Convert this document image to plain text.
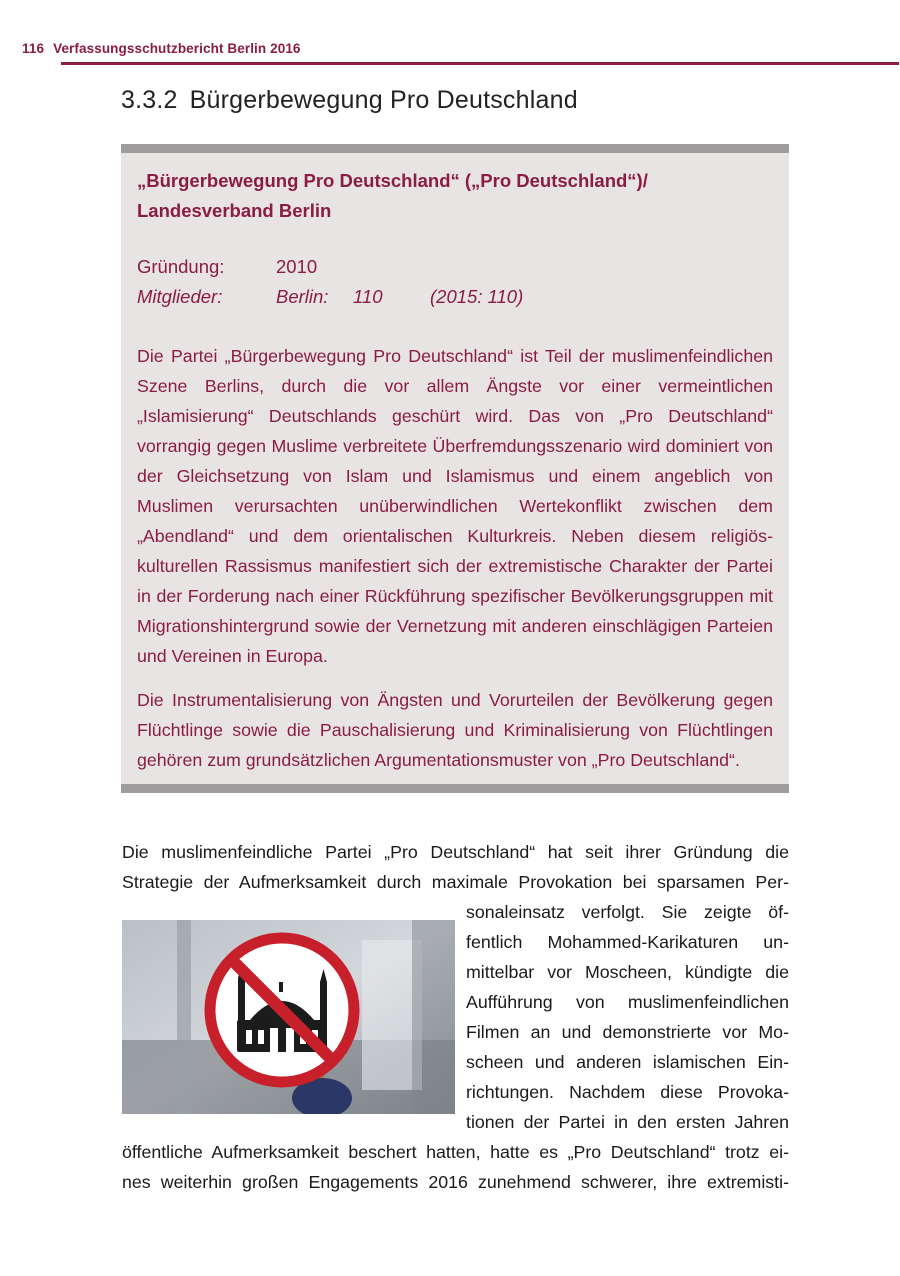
116 Verfassungsschutzbericht Berlin 2016
3.3.2 Bürgerbewegung Pro Deutschland
„Bürgerbewegung Pro Deutschland“ („Pro Deutschland“)/
Landesverband Berlin
Gründung:	2010
Mitglieder:	Berlin: 110	(2015: 110)
Die Partei „Bürgerbewegung Pro Deutschland“ ist Teil der muslimenfeindlichen Szene Berlins, durch die vor allem Ängste vor einer vermeintlichen „Islamisierung“ Deutschlands geschürt wird. Das von „Pro Deutschland“ vorrangig gegen Muslime verbreitete Überfremdungsszenario wird dominiert von der Gleichsetzung von Islam und Islamismus und einem angeblich von Muslimen verursachten unüberwindlichen Wertekonflikt zwischen dem „Abendland“ und dem orientalischen Kulturkreis. Neben diesem religiös-kulturellen Rassismus manifestiert sich der extremistische Charakter der Partei in der Forderung nach einer Rückführung spezifischer Bevölkerungsgruppen mit Migrationshintergrund sowie der Vernetzung mit anderen einschlägigen Parteien und Vereinen in Europa.
Die Instrumentalisierung von Ängsten und Vorurteilen der Bevölkerung gegen Flüchtlinge sowie die Pauschalisierung und Kriminalisierung von Flüchtlingen gehören zum grundsätzlichen Argumentationsmuster von „Pro Deutschland“.
Die muslimenfeindliche Partei „Pro Deutschland“ hat seit ihrer Gründung die
Strategie der Aufmerksamkeit durch maximale Provokation bei sparsamen Per-
sonaleinsatz verfolgt. Sie zeigte öf-
fentlich Mohammed-Karikaturen un-
mittelbar vor Moscheen, kündigte die
Aufführung von muslimenfeindlichen
Filmen an und demonstrierte vor Mo-
scheen und anderen islamischen Ein-
richtungen. Nachdem diese Provoka-
tionen der Partei in den ersten Jahren
öffentliche Aufmerksamkeit beschert hatten, hatte es „Pro Deutschland“ trotz ei-
nes weiterhin großen Engagements 2016 zunehmend schwerer, ihre extremisti-
